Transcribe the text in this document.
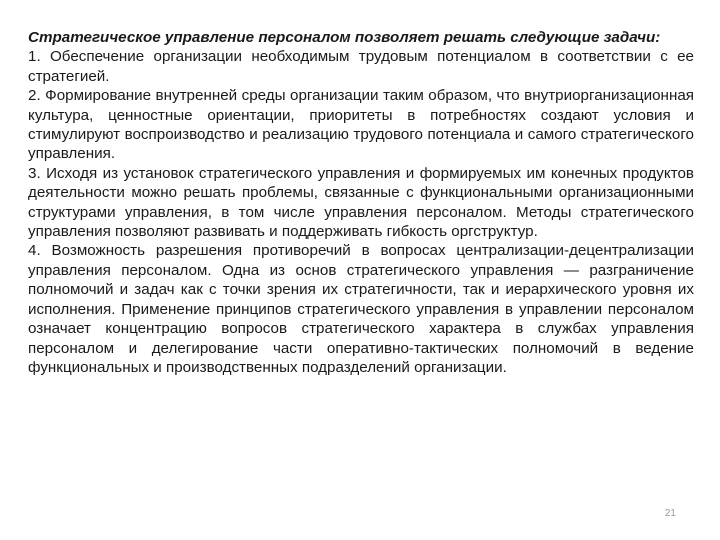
Стратегическое управление персоналом позволяет решать следующие задачи:

1. Обеспечение организации необходимым трудовым потенциалом в соответствии с ее стратегией.

2. Формирование внутренней среды организации таким образом, что внутриорганизационная культура, ценностные ориентации, приоритеты в потребностях создают условия и стимулируют воспроизводство и реализацию трудового потенциала и самого стратегического управления.

3. Исходя из установок стратегического управления и формируемых им конечных продуктов деятельности можно решать проблемы, связанные с функциональными организационными структурами управления, в том числе управления персоналом. Методы стратегического управления позволяют развивать и поддерживать гибкость оргструктур.

4. Возможность разрешения противоречий в вопросах централизации-децентрализации управления персоналом. Одна из основ стратегического управления — разграничение полномочий и задач как с точки зрения их стратегичности, так и иерархического уровня их исполнения. Применение принципов стратегического управления в управлении персоналом означает концентрацию вопросов стратегического характера в службах управления персоналом и делегирование части оперативно-тактических полномочий в ведение функциональных и производственных подразделений организации.

21
